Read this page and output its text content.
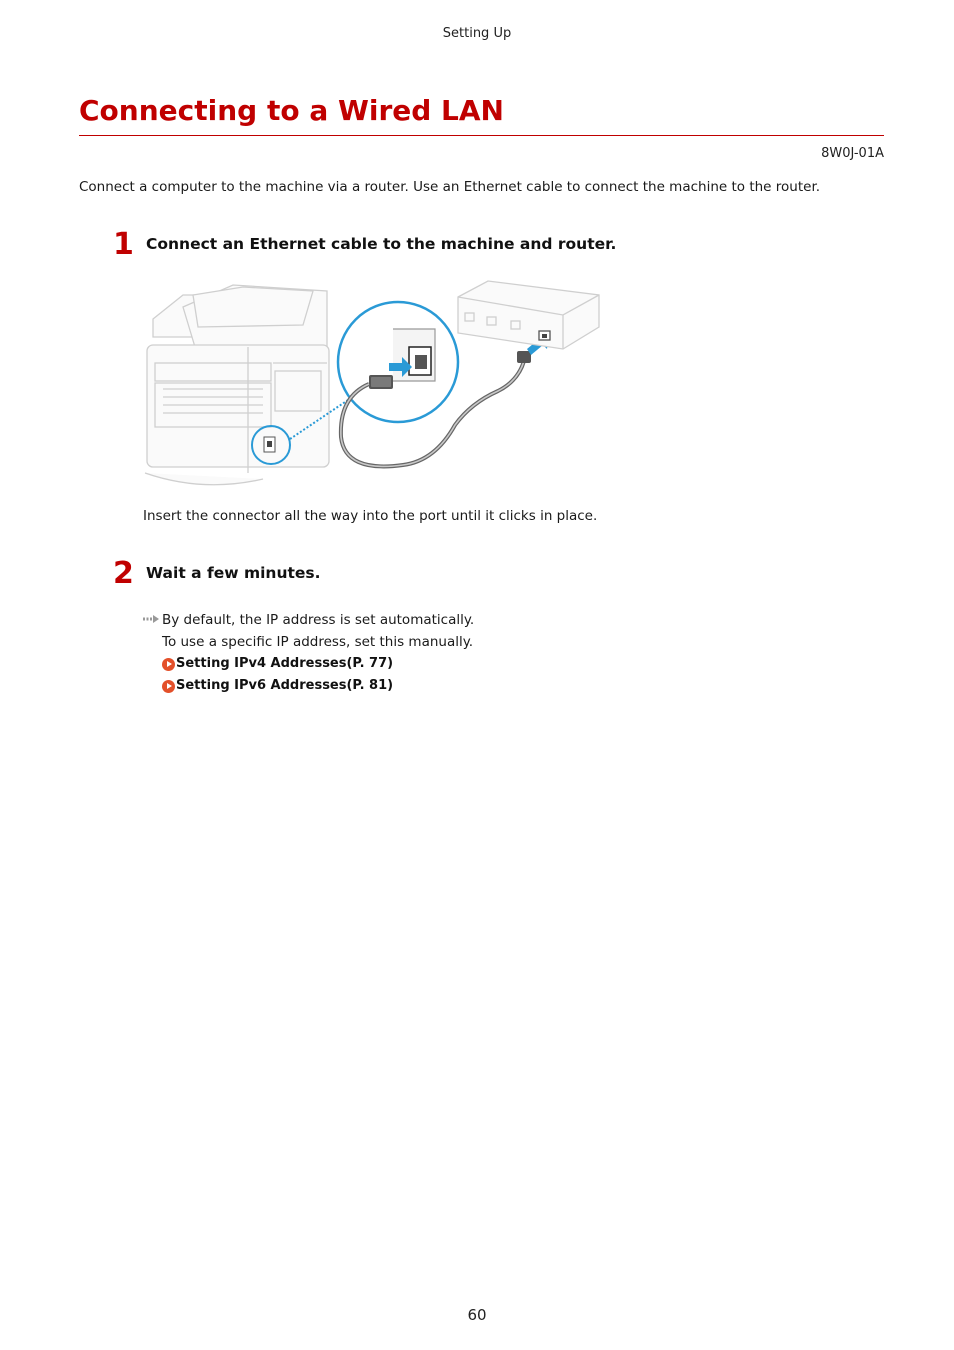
Setting Up
Connecting to a Wired LAN
8W0J-01A
Connect a computer to the machine via a router. Use an Ethernet cable to connect the machine to the router.
1 Connect an Ethernet cable to the machine and router.
Insert the connector all the way into the port until it clicks in place.
2 Wait a few minutes.
By default, the IP address is set automatically.
To use a specific IP address, set this manually.
Setting IPv4 Addresses(P. 77)
Setting IPv6 Addresses(P. 81)
60
